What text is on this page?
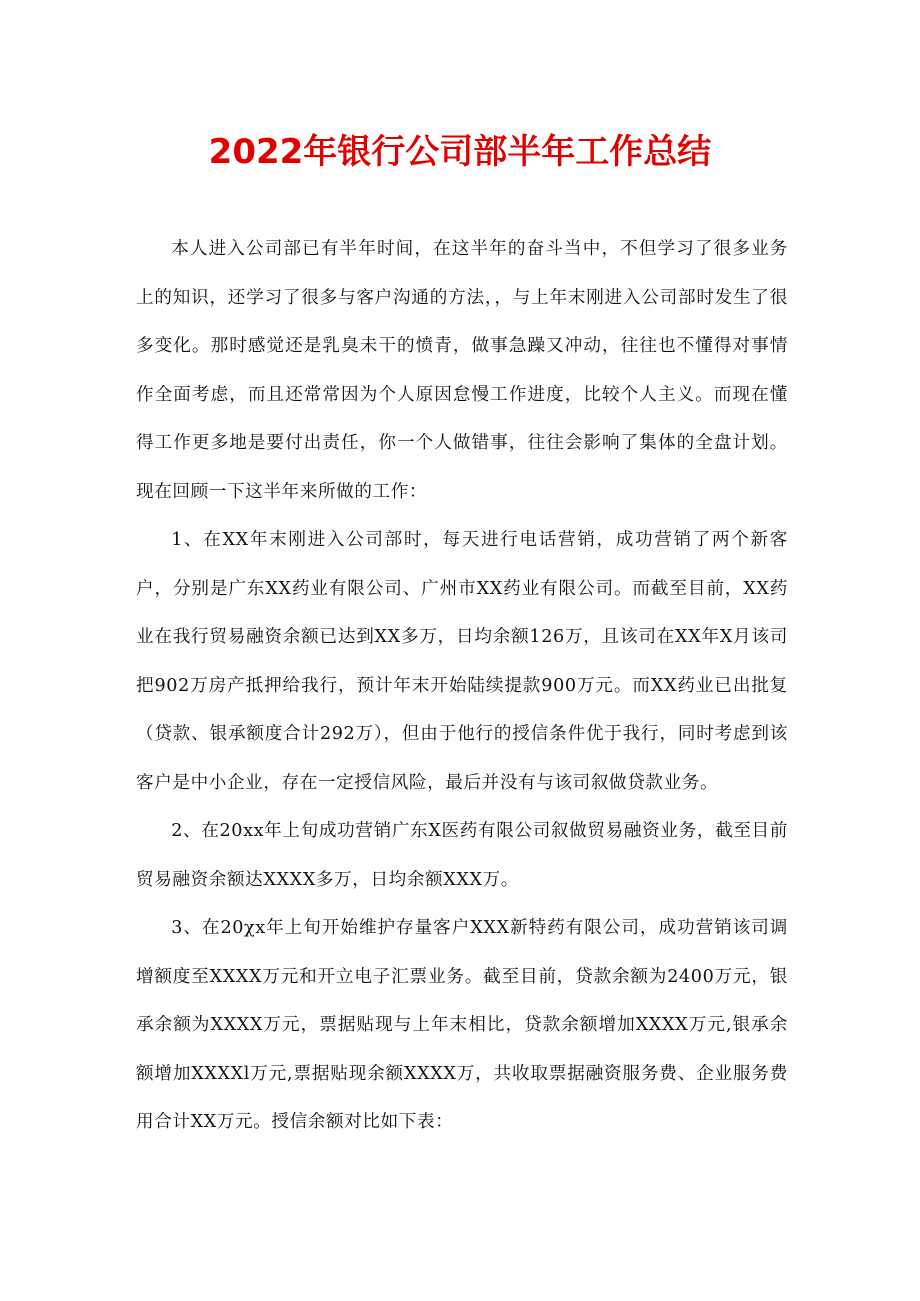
2022年银行公司部半年工作总结

本人进入公司部已有半年时间，在这半年的奋斗当中，不但学习了很多业务上的知识，还学习了很多与客户沟通的方法，，与上年末刚进入公司部时发生了很多变化。那时感觉还是乳臭未干的愤青，做事急躁又冲动，往往也不懂得对事情作全面考虑，而且还常常因为个人原因怠慢工作进度，比较个人主义。而现在懂得工作更多地是要付出责任，你一个人做错事，往往会影响了集体的全盘计划。现在回顾一下这半年来所做的工作：

1、在XX年末刚进入公司部时，每天进行电话营销，成功营销了两个新客户，分别是广东XX药业有限公司、广州市XX药业有限公司。而截至目前，XX药业在我行贸易融资余额已达到XX多万，日均余额126万，且该司在XX年X月该司把902万房产抵押给我行，预计年末开始陆续提款900万元。而XX药业已出批复（贷款、银承额度合计292万），但由于他行的授信条件优于我行，同时考虑到该客户是中小企业，存在一定授信风险，最后并没有与该司叙做贷款业务。

2、在20xx年上旬成功营销广东X医药有限公司叙做贸易融资业务，截至目前贸易融资余额达XXXX多万，日均余额XXX万。

3、在20χx年上旬开始维护存量客户XXX新特药有限公司，成功营销该司调增额度至XXXX万元和开立电子汇票业务。截至目前，贷款余额为2400万元，银承余额为XXXX万元，票据贴现与上年末相比，贷款余额增加XXXX万元,银承余额增加XXXXl万元,票据贴现余额XXXX万，共收取票据融资服务费、企业服务费用合计XX万元。授信余额对比如下表：
